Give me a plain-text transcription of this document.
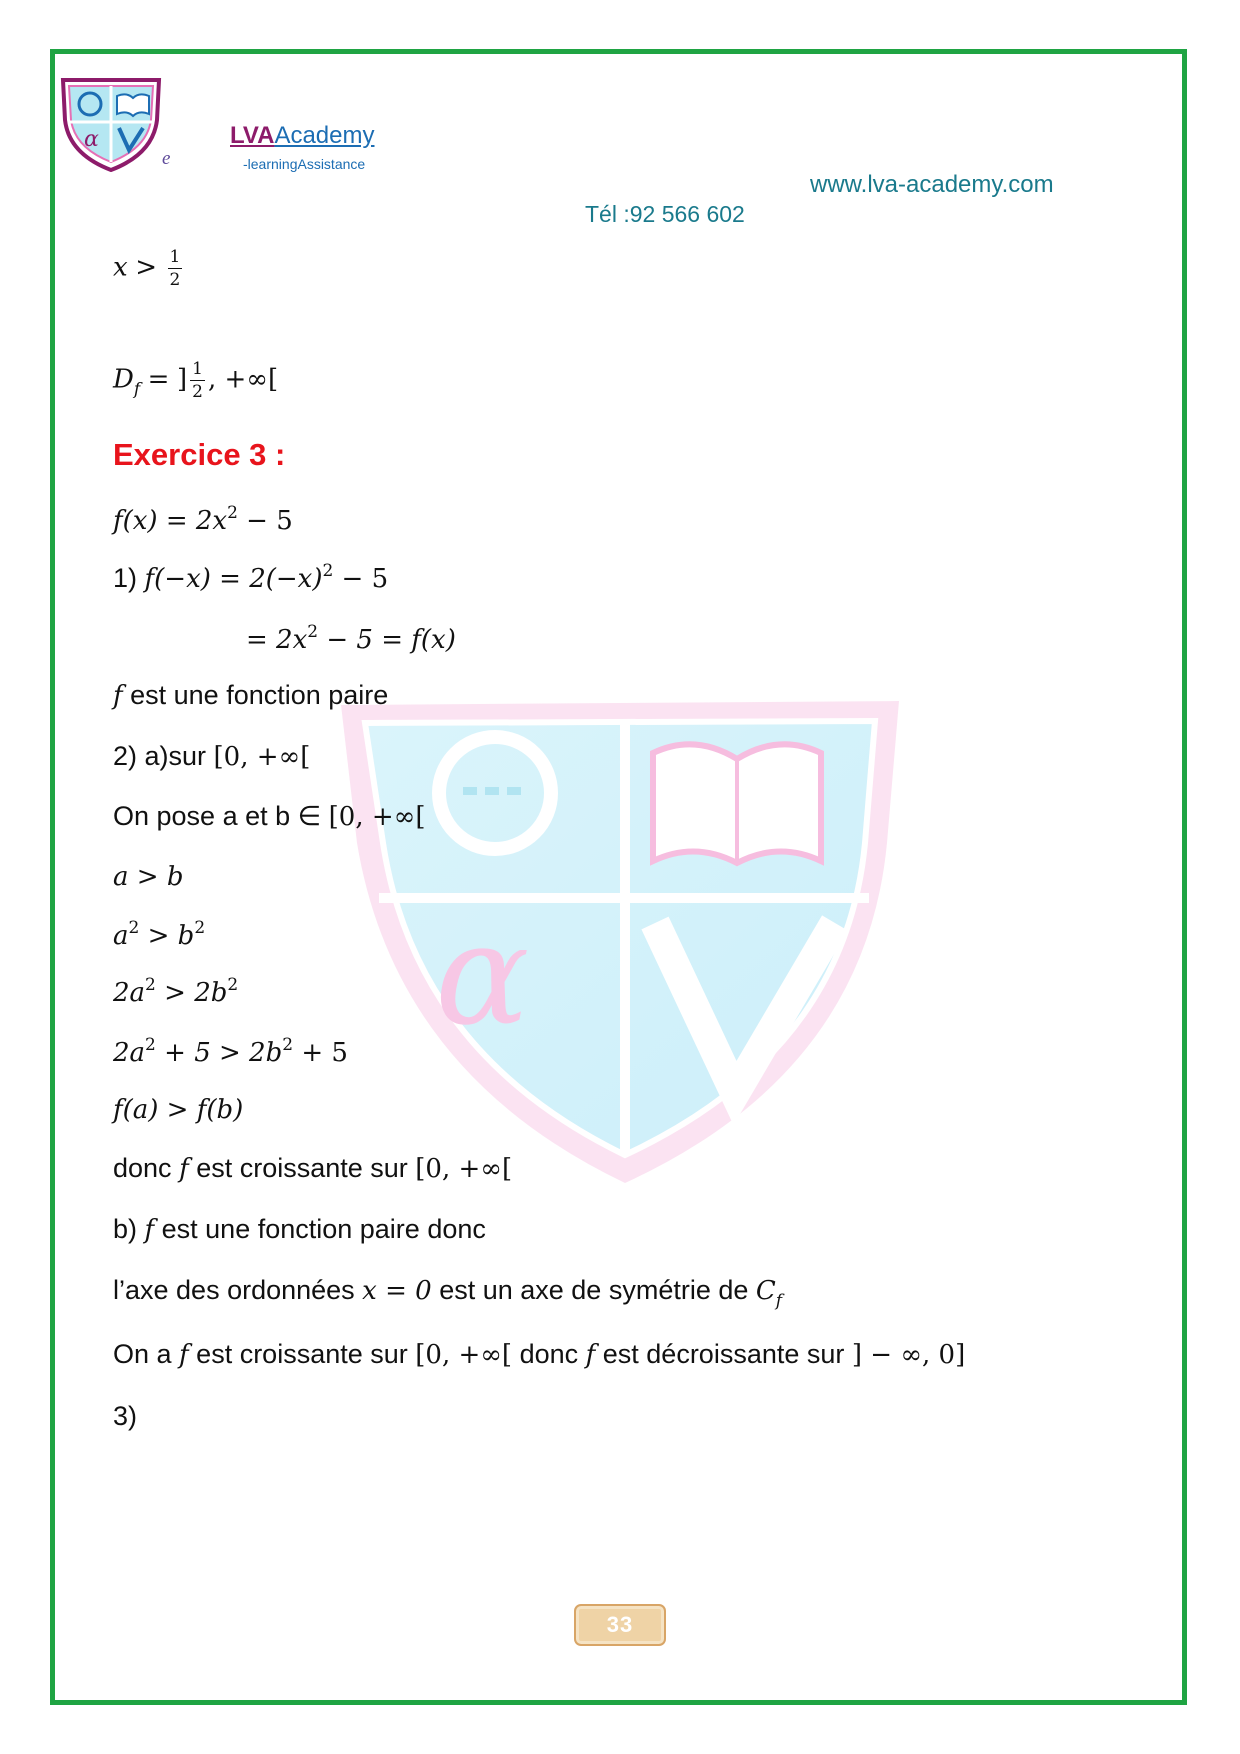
α
e
LVAAcademy
-learningAssistance
www.lva-academy.com
Tél :92 566 602
α
$x > \frac{1}{2}$
$D_f$ = ] $\frac{1}{2}$ , +∞[
Exercice 3 :
$f(x) = 2x^2 - 5$
1) $f(-x) = 2(-x)^2 - 5$
= $2x^2 - 5 = f(x)$
f est une fonction paire
2) a)sur [0, +∞[
On pose a et b ∈ [0, +∞[
a > b
$a^2 > b^2$
$2a^2 > 2b^2$
$2a^2 + 5 > 2b^2 + 5$
f(a) > f(b)
donc f est croissante sur [0, +∞[
b) f est une fonction paire donc
l’axe des ordonnées x = 0 est un axe de symétrie de $C_f$
On a f est croissante sur [0, +∞[ donc f est décroissante sur ] − ∞, 0]
3)
33
